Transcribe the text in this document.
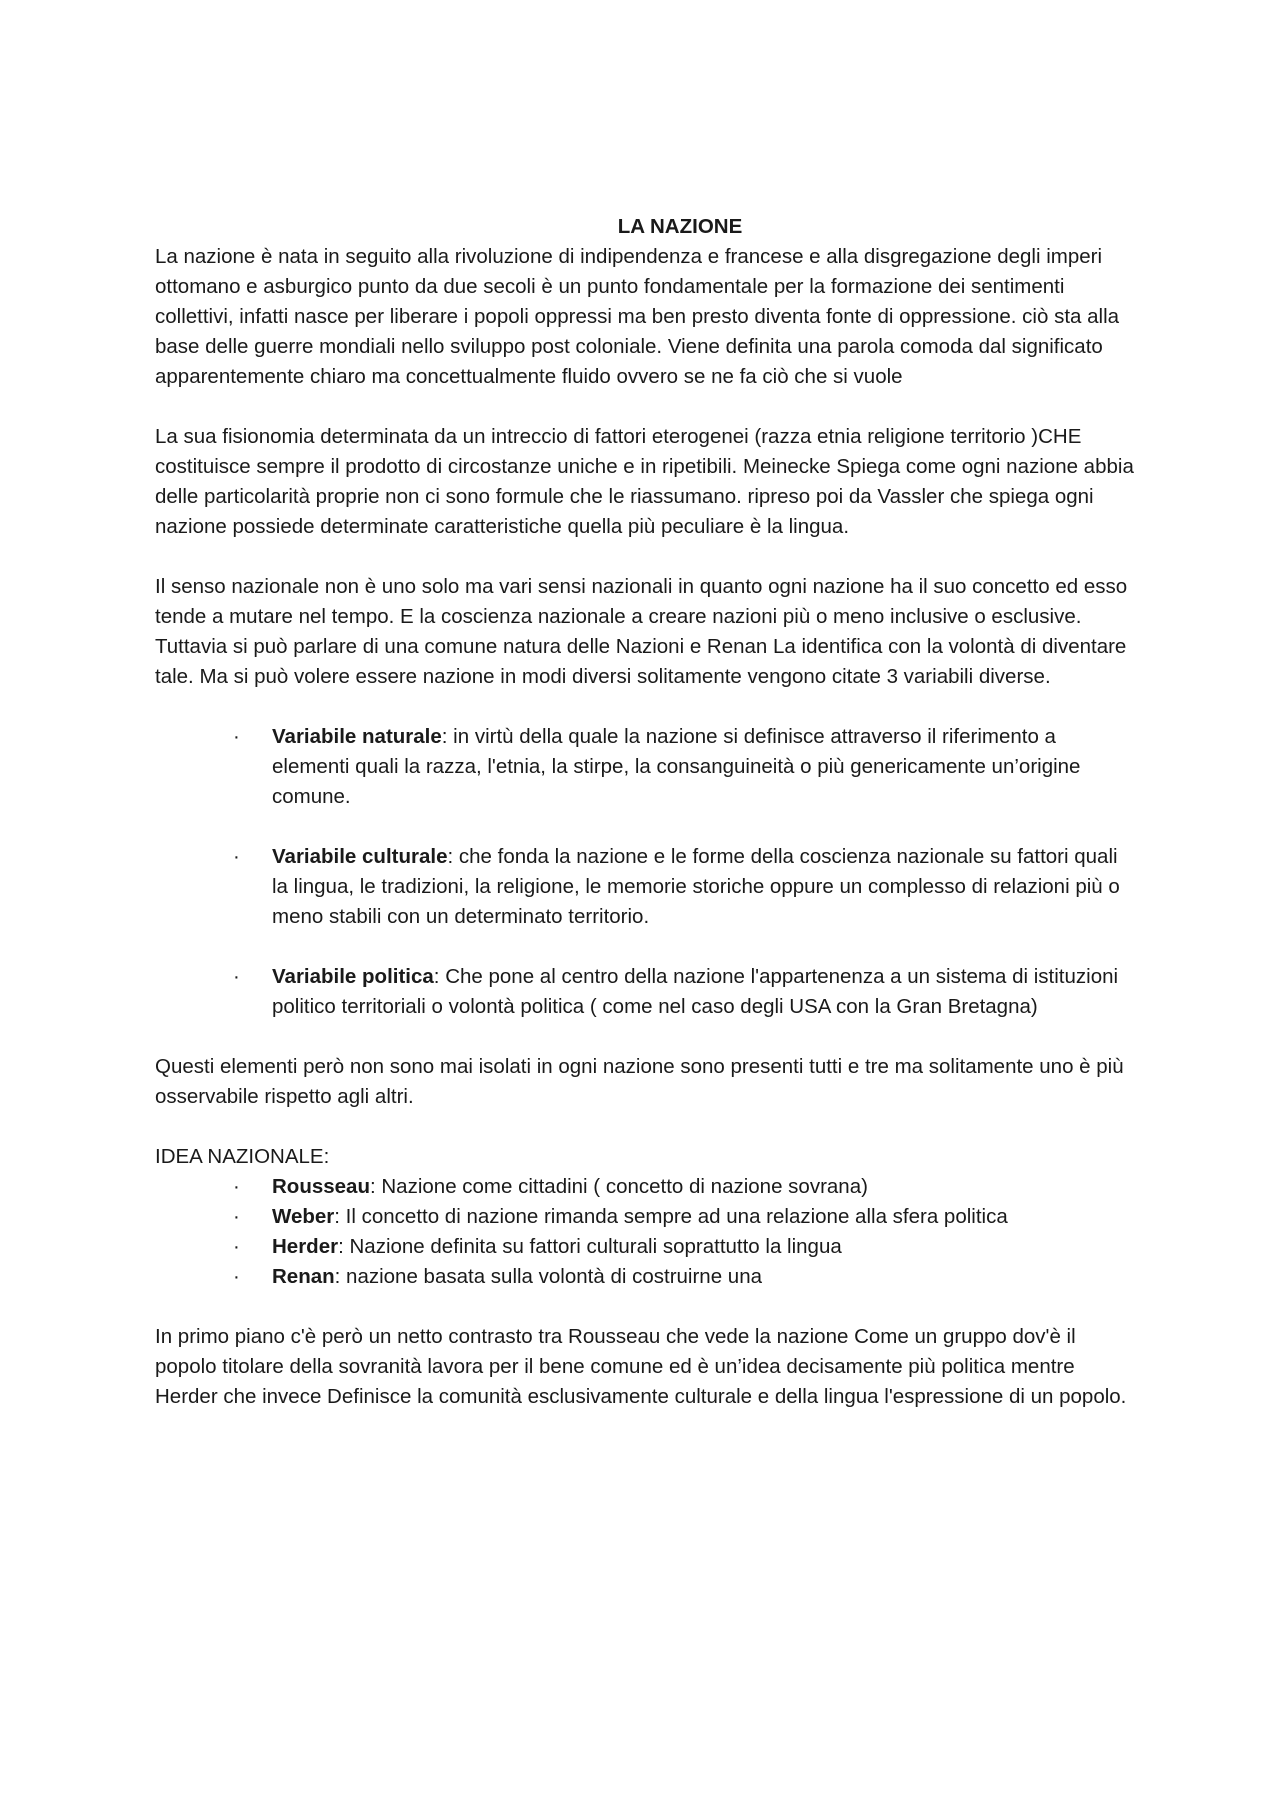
LA NAZIONE

La nazione è nata in seguito alla rivoluzione di indipendenza e francese e alla disgregazione degli imperi ottomano e asburgico punto da due secoli è un punto fondamentale per la formazione dei sentimenti collettivi, infatti nasce per liberare i popoli oppressi ma ben presto diventa fonte di oppressione. ciò sta alla base delle guerre mondiali nello sviluppo post coloniale. Viene definita una parola comoda dal significato apparentemente chiaro ma concettualmente fluido ovvero se ne fa ciò che si vuole

La sua fisionomia determinata da un intreccio di fattori eterogenei (razza etnia religione territorio )CHE costituisce sempre il prodotto di circostanze uniche e in ripetibili. Meinecke Spiega come ogni nazione abbia delle particolarità proprie non ci sono formule che le riassumano. ripreso poi da Vassler che spiega ogni nazione possiede determinate caratteristiche quella più peculiare è la lingua.

Il senso nazionale non è uno solo ma vari sensi nazionali in quanto ogni nazione ha il suo concetto ed esso tende a mutare nel tempo. E la coscienza nazionale a creare nazioni più o meno inclusive o esclusive.

Tuttavia si può parlare di una comune natura delle Nazioni e Renan La identifica con la volontà di diventare tale. Ma si può volere essere nazione in modi diversi solitamente vengono citate 3 variabili diverse.

· Variabile naturale: in virtù della quale la nazione si definisce attraverso il riferimento a elementi quali la razza, l'etnia, la stirpe, la consanguineità o più genericamente un’origine comune.
· Variabile culturale: che fonda la nazione e le forme della coscienza nazionale su fattori quali la lingua, le tradizioni, la religione, le memorie storiche oppure un complesso di relazioni più o meno stabili con un determinato territorio.
· Variabile politica: Che pone al centro della nazione l'appartenenza a un sistema di istituzioni politico territoriali o volontà politica ( come nel caso degli USA con la Gran Bretagna)

Questi elementi però non sono mai isolati in ogni nazione sono presenti tutti e tre ma solitamente uno è più osservabile rispetto agli altri.

IDEA NAZIONALE:

· Rousseau: Nazione come cittadini ( concetto di nazione sovrana)
· Weber: Il concetto di nazione rimanda sempre ad una relazione alla sfera politica
· Herder: Nazione definita su fattori culturali soprattutto la lingua
· Renan: nazione basata sulla volontà di costruirne una

In primo piano c'è però un netto contrasto tra Rousseau che vede la nazione Come un gruppo dov'è il popolo titolare della sovranità lavora per il bene comune ed è un’idea decisamente più politica mentre Herder che invece Definisce la comunità esclusivamente culturale e della lingua l'espressione di un popolo.
